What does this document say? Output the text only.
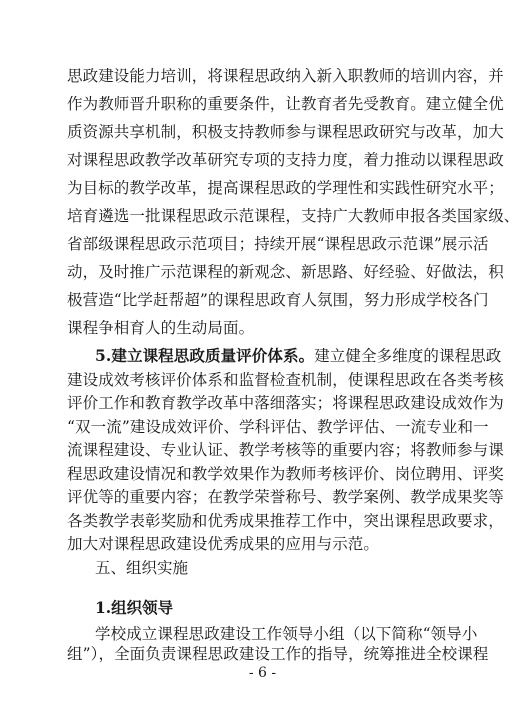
思政建设能力培训，将课程思政纳入新入职教师的培训内容，并
作为教师晋升职称的重要条件，让教育者先受教育。建立健全优
质资源共享机制，积极支持教师参与课程思政研究与改革，加大
对课程思政教学改革研究专项的支持力度，着力推动以课程思政
为目标的教学改革，提高课程思政的学理性和实践性研究水平；
培育遴选一批课程思政示范课程，支持广大教师申报各类国家级、
省部级课程思政示范项目；持续开展“课程思政示范课”展示活
动，及时推广示范课程的新观念、新思路、好经验、好做法，积
极营造“比学赶帮超”的课程思政育人氛围，努力形成学校各门
课程争相育人的生动局面。
5.建立课程思政质量评价体系。建立健全多维度的课程思政
建设成效考核评价体系和监督检查机制，使课程思政在各类考核
评价工作和教育教学改革中落细落实；将课程思政建设成效作为
“双一流”建设成效评价、学科评估、教学评估、一流专业和一
流课程建设、专业认证、教学考核等的重要内容；将教师参与课
程思政建设情况和教学效果作为教师考核评价、岗位聘用、评奖
评优等的重要内容；在教学荣誉称号、教学案例、教学成果奖等
各类教学表彰奖励和优秀成果推荐工作中，突出课程思政要求，
加大对课程思政建设优秀成果的应用与示范。
五、组织实施
1.组织领导
学校成立课程思政建设工作领导小组（以下简称“领导小
组”），全面负责课程思政建设工作的指导，统筹推进全校课程
- 6 -
